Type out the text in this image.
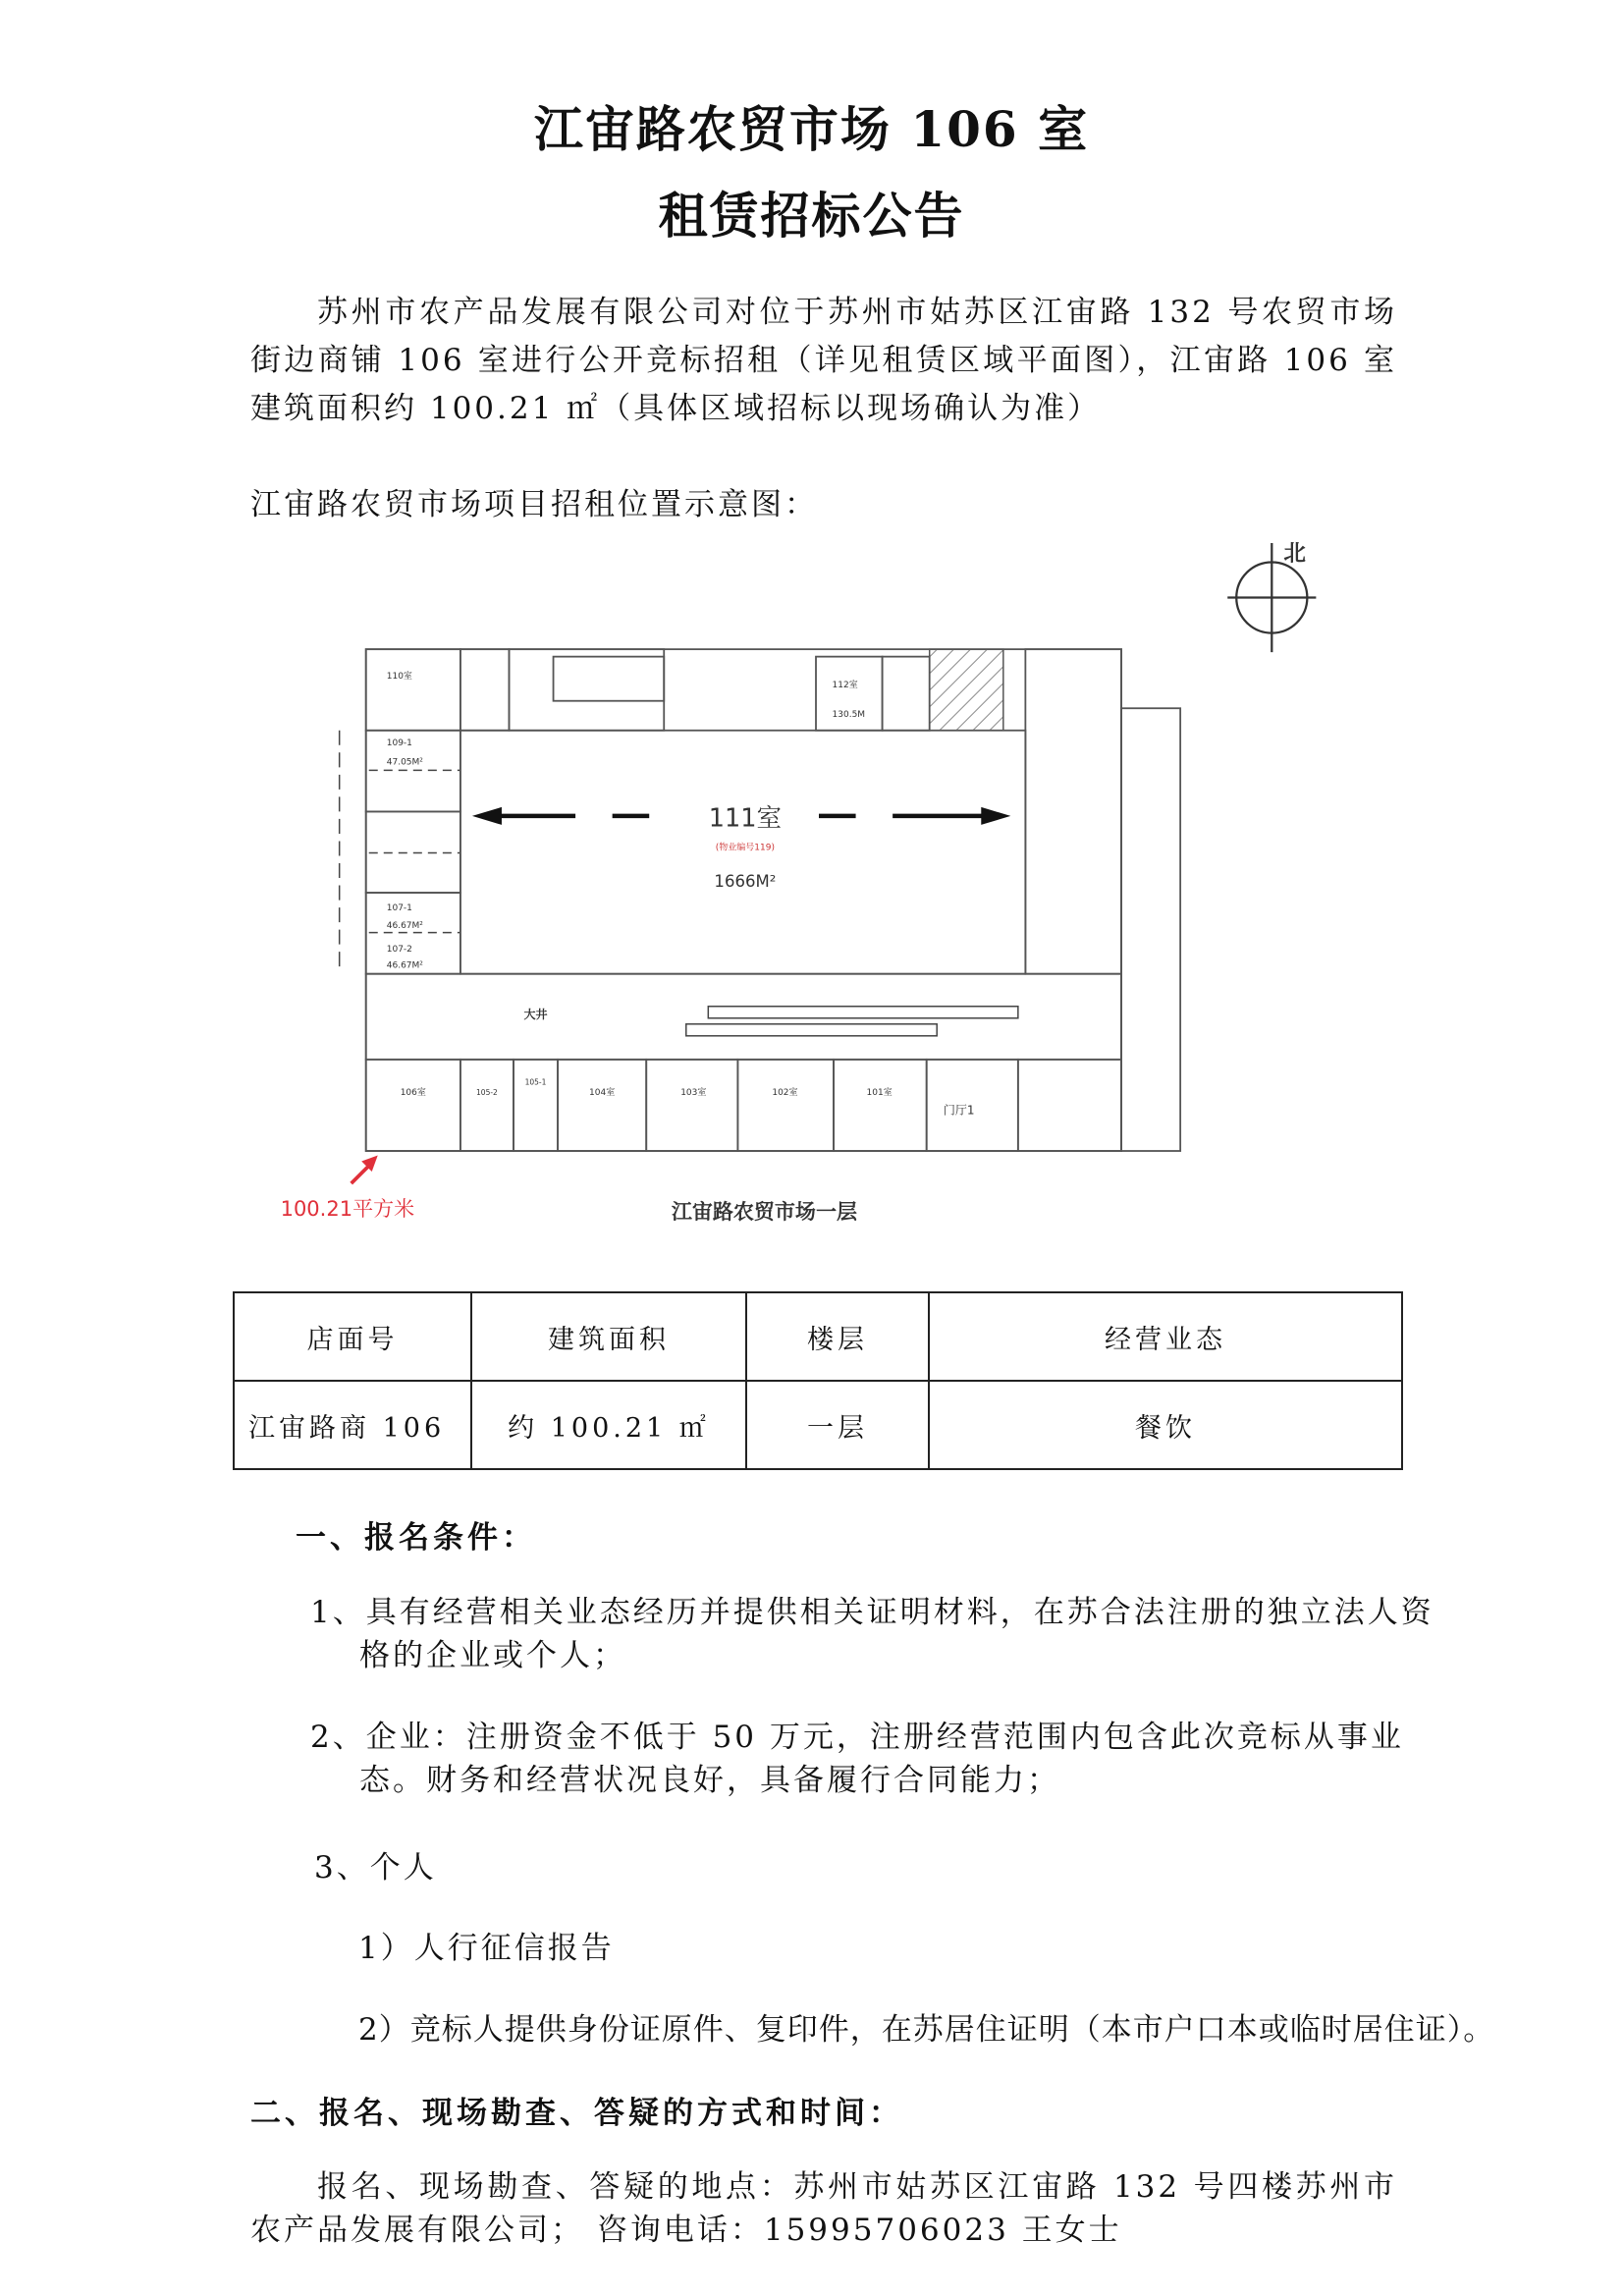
江宙路农贸市场 106 室
租赁招标公告
苏州市农产品发展有限公司对位于苏州市姑苏区江宙路 132 号农贸市场街边商铺 106 室进行公开竞标招租（详见租赁区域平面图），江宙路 106 室建筑面积约 100.21 ㎡（具体区域招标以现场确认为准）
江宙路农贸市场项目招租位置示意图：
北
109-1
47.05M²
107-1
46.67M²
107-2
46.67M²
110室
112室
130.5M
111室
(物业编号119)
1666M²
大井
106室	105-2
105-1
104室	103室	102室	101室
门厅1
100.21平方米	江宙路农贸市场一层
店面号	建筑面积	楼层	经营业态
江宙路商 106	约 100.21 ㎡	一层	餐饮
一、报名条件：
1、具有经营相关业态经历并提供相关证明材料，在苏合法注册的独立法人资格的企业或个人；
2、企业：注册资金不低于 50 万元，注册经营范围内包含此次竞标从事业态。财务和经营状况良好，具备履行合同能力；
3、个人
1）人行征信报告
2）竞标人提供身份证原件、复印件，在苏居住证明（本市户口本或临时居住证）。
二、报名、现场勘查、答疑的方式和时间：
报名、现场勘查、答疑的地点：苏州市姑苏区江宙路 132 号四楼苏州市农产品发展有限公司； 咨询电话：15995706023 王女士
